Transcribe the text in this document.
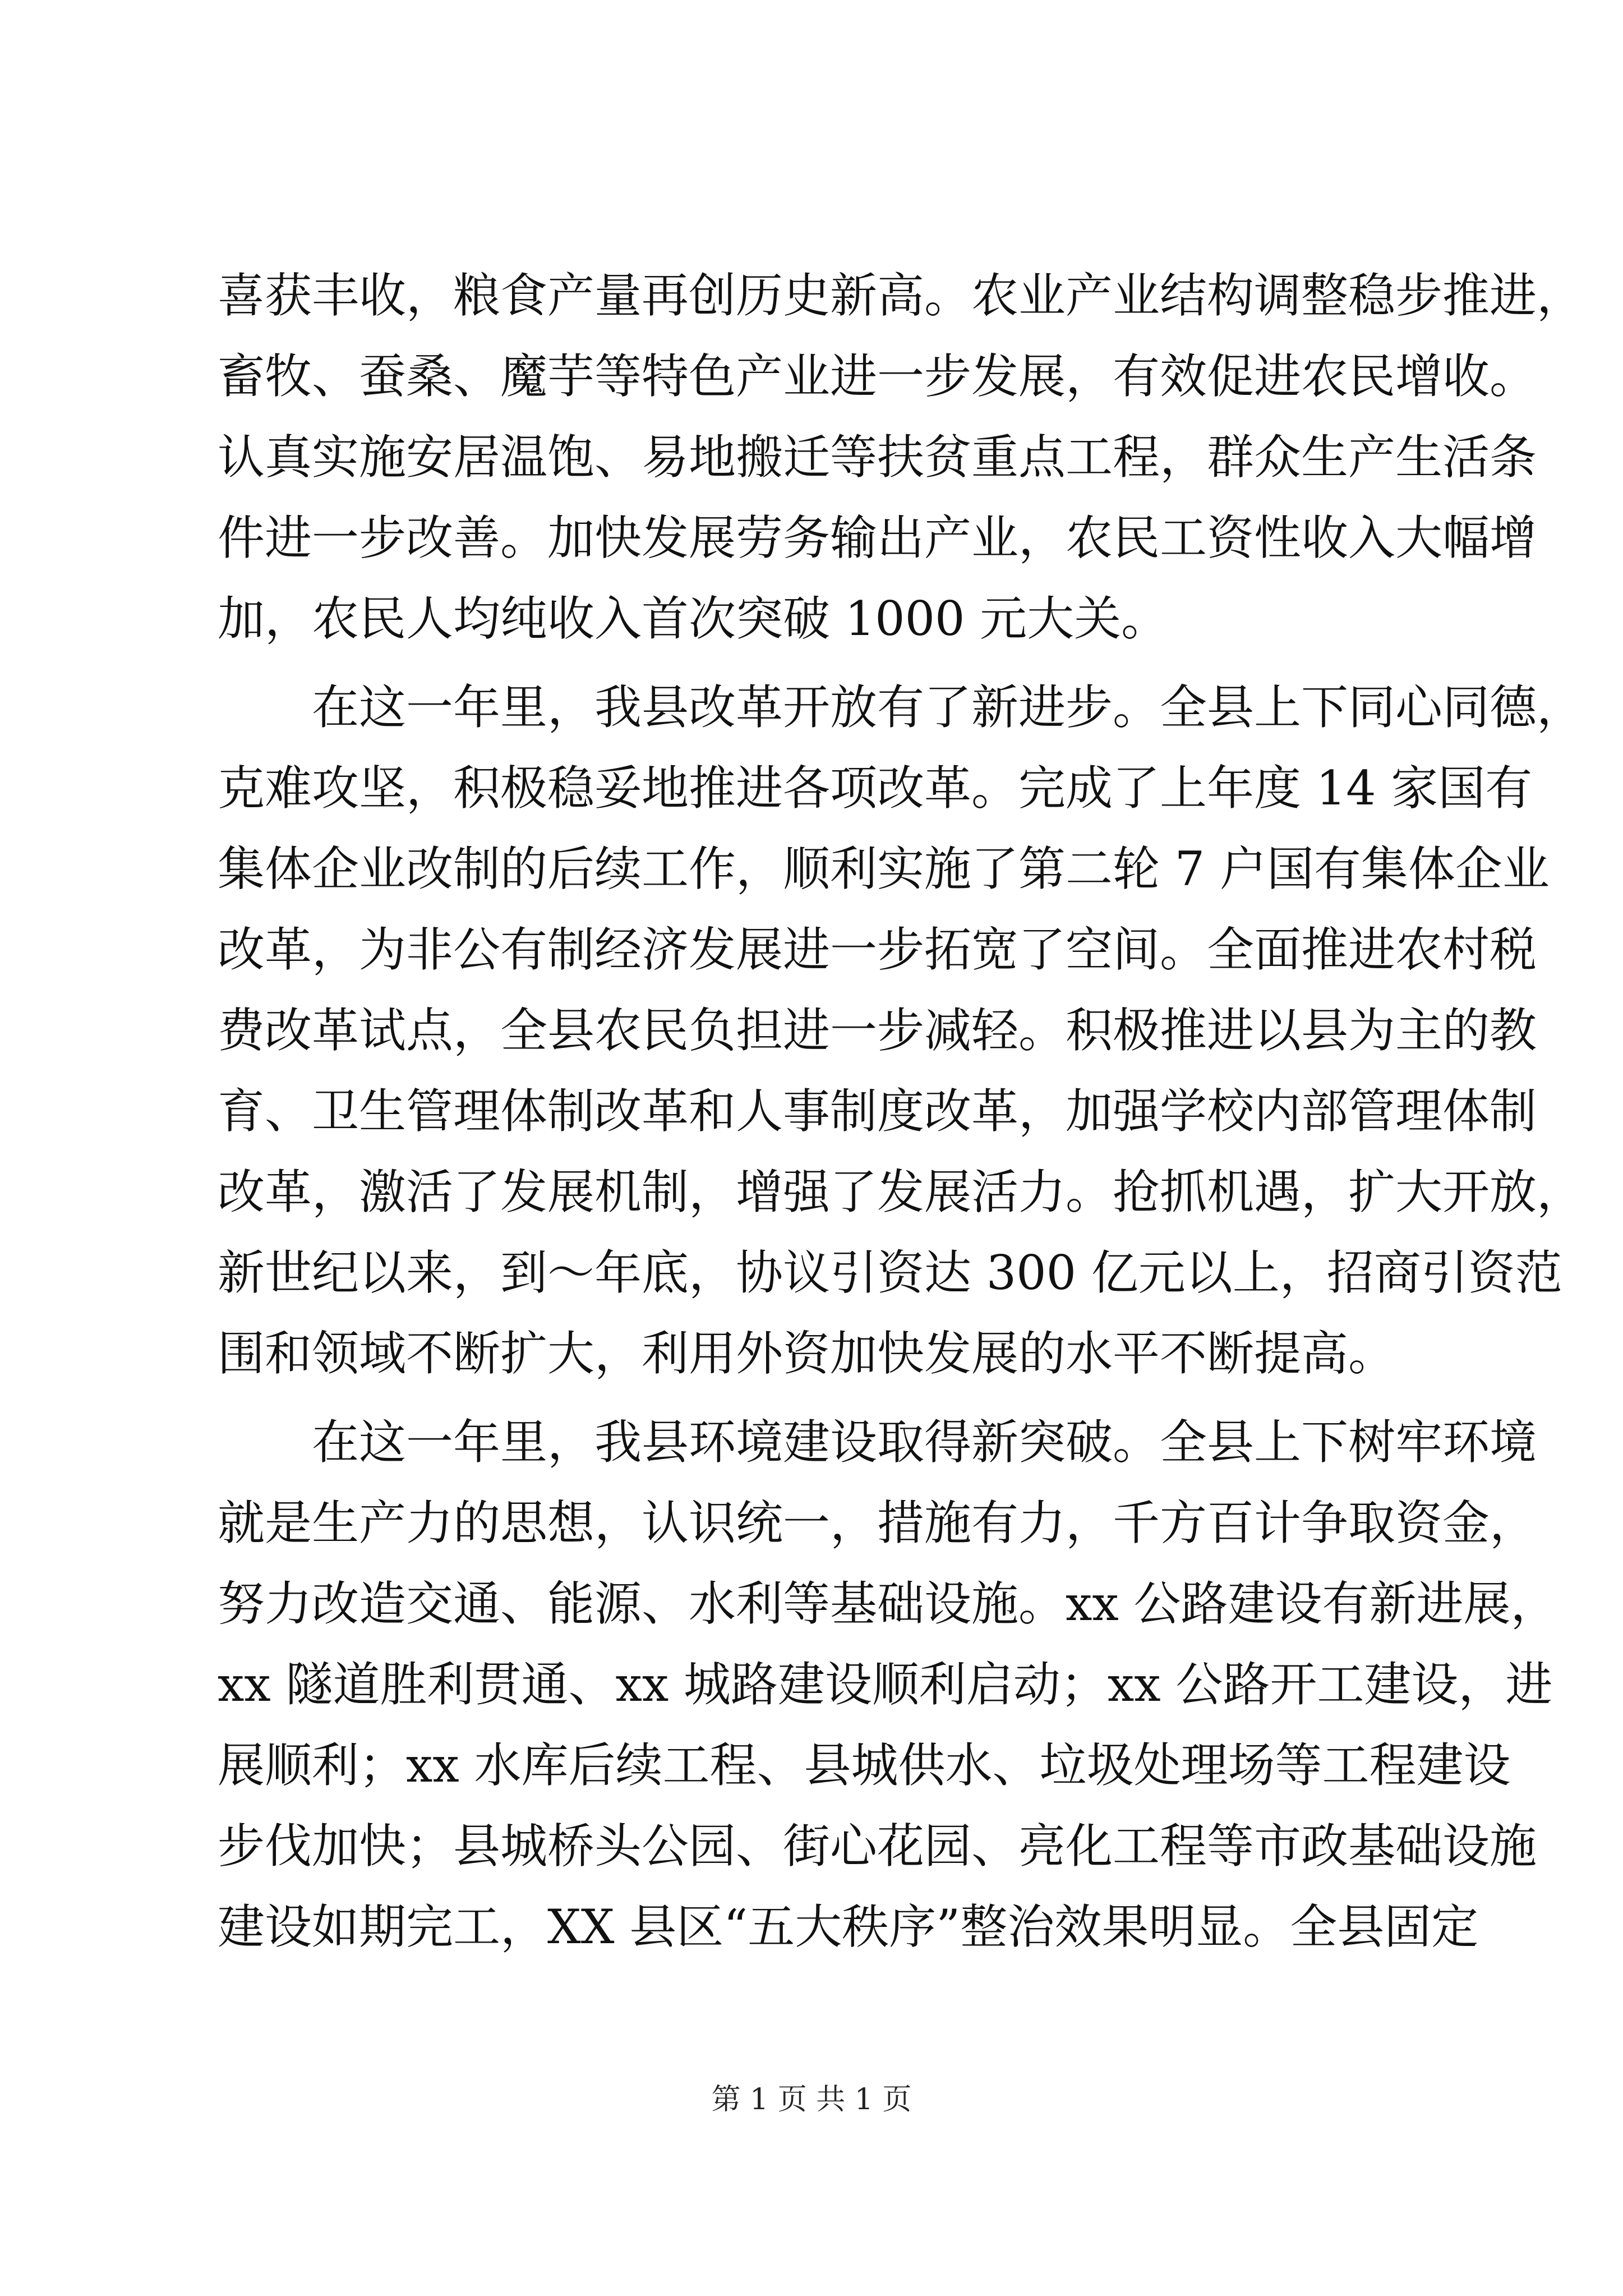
喜获丰收，粮食产量再创历史新高。农业产业结构调整稳步推进，
畜牧、蚕桑、魔芋等特色产业进一步发展，有效促进农民增收。
认真实施安居温饱、易地搬迁等扶贫重点工程，群众生产生活条
件进一步改善。加快发展劳务输出产业，农民工资性收入大幅增
加，农民人均纯收入首次突破 1000 元大关。
　　在这一年里，我县改革开放有了新进步。全县上下同心同德，
克难攻坚，积极稳妥地推进各项改革。完成了上年度 14 家国有
集体企业改制的后续工作，顺利实施了第二轮 7 户国有集体企业
改革，为非公有制经济发展进一步拓宽了空间。全面推进农村税
费改革试点，全县农民负担进一步减轻。积极推进以县为主的教
育、卫生管理体制改革和人事制度改革，加强学校内部管理体制
改革，激活了发展机制，增强了发展活力。抢抓机遇，扩大开放，
新世纪以来，到～年底，协议引资达 300 亿元以上，招商引资范
围和领域不断扩大，利用外资加快发展的水平不断提高。
　　在这一年里，我县环境建设取得新突破。全县上下树牢环境
就是生产力的思想，认识统一，措施有力，千方百计争取资金，
努力改造交通、能源、水利等基础设施。xx 公路建设有新进展，
xx 隧道胜利贯通、xx 城路建设顺利启动；xx 公路开工建设，进
展顺利；xx 水库后续工程、县城供水、垃圾处理场等工程建设
步伐加快；县城桥头公园、街心花园、亮化工程等市政基础设施
建设如期完工，XX 县区“五大秩序”整治效果明显。全县固定
第 1 页 共 1 页
